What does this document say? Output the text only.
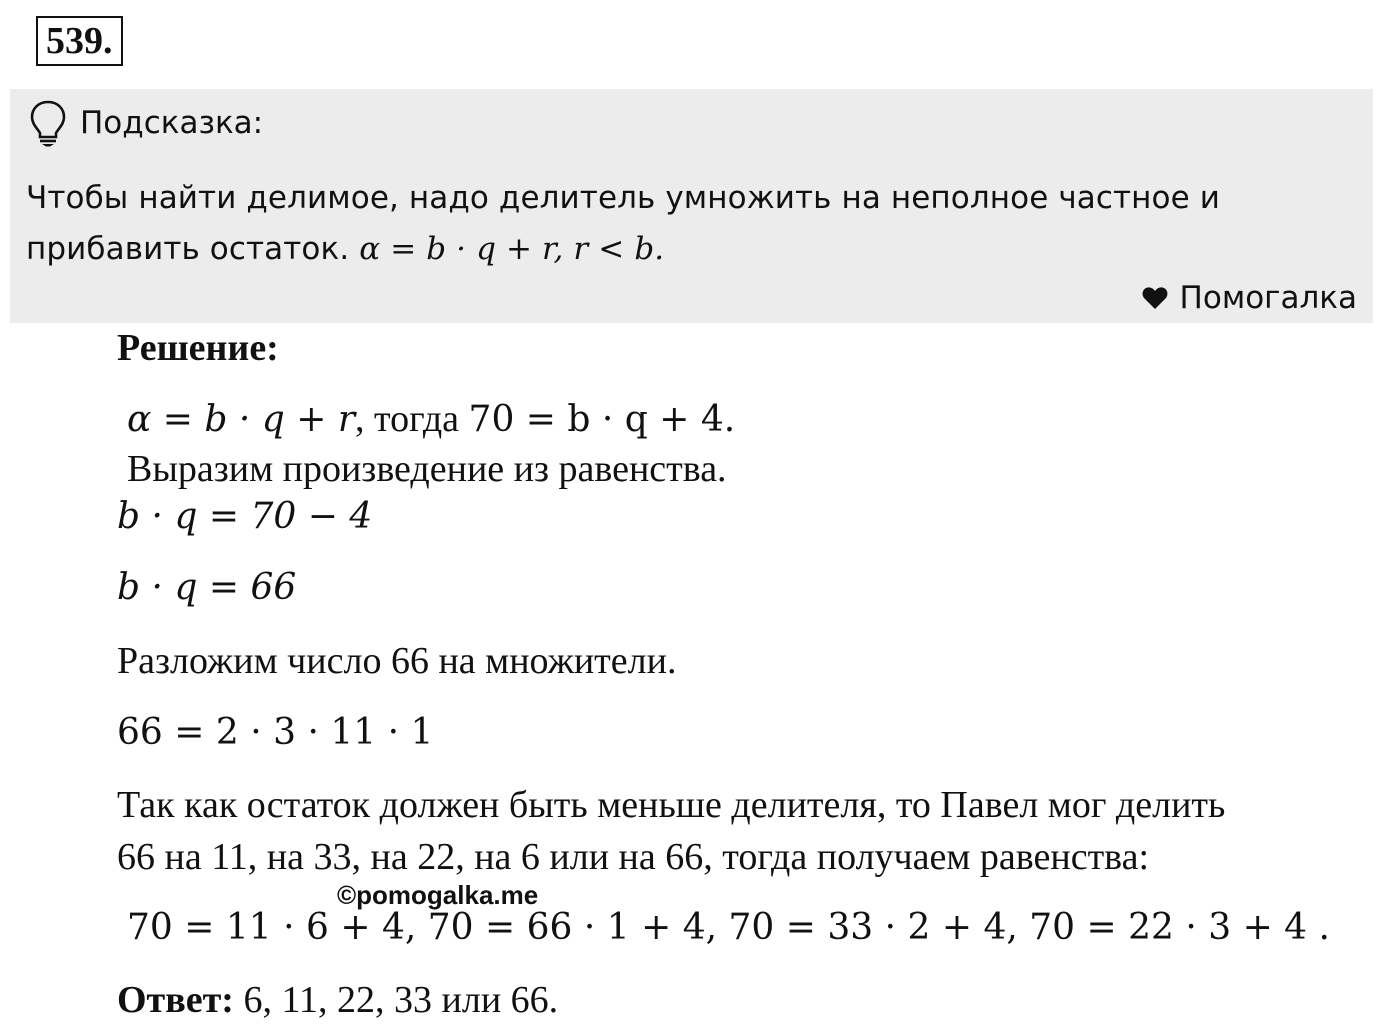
539.
Подсказка:
Чтобы найти делимое, надо делитель умножить на неполное частное и прибавить остаток. α = b · q + r, r < b.
Помогалка
Решение:
α = b · q + r, тогда 70 = b · q + 4.
Выразим произведение из равенства.
b · q = 70 − 4
b · q = 66
Разложим число 66 на множители.
66 = 2 · 3 · 11 · 1
Так как остаток должен быть меньше делителя, то Павел мог делить
66 на 11, на 33, на 22, на 6 или на 66, тогда получаем равенства:
©pomogalka.me
70 = 11 · 6 + 4, 70 = 66 · 1 + 4, 70 = 33 · 2 + 4, 70 = 22 · 3 + 4 .
Ответ: 6, 11, 22, 33 или 66.
